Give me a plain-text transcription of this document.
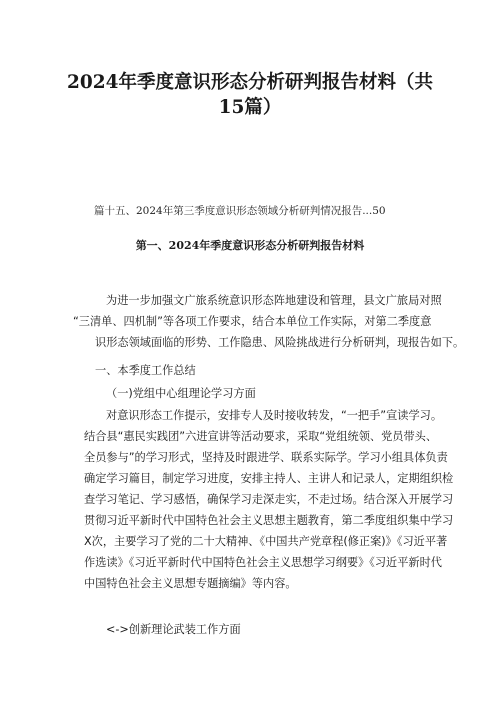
2024年季度意识形态分析研判报告材料（共
15篇）
篇十五、2024年第三季度意识形态领域分析研判情况报告...50
第一、2024年季度意识形态分析研判报告材料
为进一步加强文广旅系统意识形态阵地建设和管理，县文广旅局对照
“三清单、四机制”等各项工作要求，结合本单位工作实际，对第二季度意
识形态领域面临的形势、工作隐患、风险挑战进行分析研判，现报告如下。
一、本季度工作总结
（一)党组中心组理论学习方面
对意识形态工作提示，安排专人及时接收转发，“一把手”宣读学习。
结合县“惠民实践团”六进宣讲等活动要求，采取“党组统领、党员带头、
全员参与”的学习形式，坚持及时跟进学、联系实际学。学习小组具体负责
确定学习篇目，制定学习进度，安排主持人、主讲人和记录人，定期组织检
查学习笔记、学习感悟，确保学习走深走实，不走过场。结合深入开展学习
贯彻习近平新时代中国特色社会主义思想主题教育，第二季度组织集中学习
X次，主要学习了党的二十大精神、《中国共产党章程(修正案)》《习近平著
作选读》《习近平新时代中国特色社会主义思想学习纲要》《习近平新时代
中国特色社会主义思想专题摘编》等内容。
<->创新理论武装工作方面
